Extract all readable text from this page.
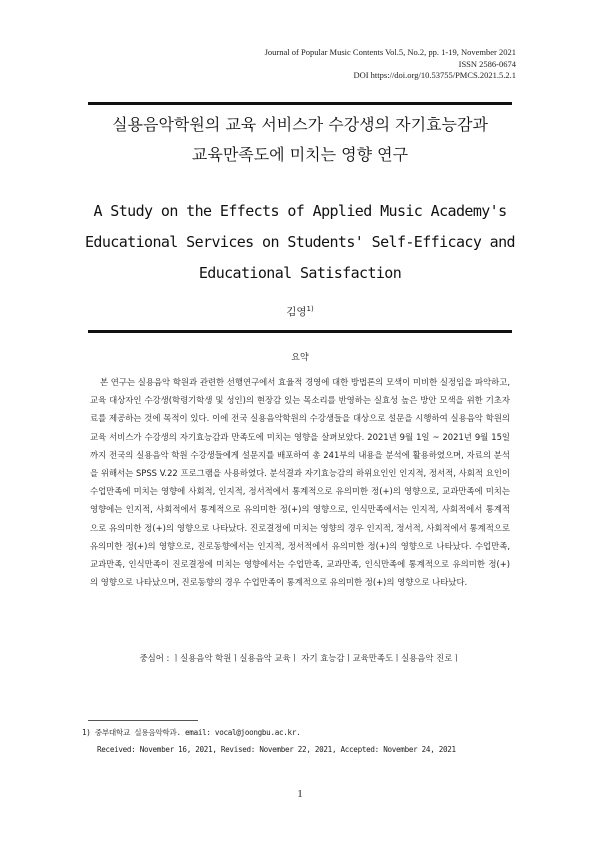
Journal of Popular Music Contents Vol.5, No.2, pp. 1-19, November 2021
ISSN 2586-0674
DOI https://doi.org/10.53755/PMCS.2021.5.2.1
실용음악학원의 교육 서비스가 수강생의 자기효능감과
교육만족도에 미치는 영향 연구
A Study on the Effects of Applied Music Academy's
Educational Services on Students' Self-Efficacy and
Educational Satisfaction
김영$^{1)}$
요약
본 연구는 실용음악 학원과 관련한 선행연구에서 효율적 경영에 대한 방법론의 모색이 미비한 실정임을 파악하고, 교육 대상자인 수강생(학령기학생 및 성인)의 현장감 있는 목소리를 반영하는 실효성 높은 방안 모색을 위한 기초자료를 제공하는 것에 목적이 있다. 이에 전국 실용음악학원의 수강생들을 대상으로 설문을 시행하여 실용음악 학원의 교육 서비스가 수강생의 자기효능감과 만족도에 미치는 영향을 살펴보았다. 2021년 9월 1일 ~ 2021년 9월 15일까지 전국의 실용음악 학원 수강생들에게 설문지를 배포하여 총 241부의 내용을 분석에 활용하였으며, 자료의 분석을 위해서는 SPSS V.22 프로그램을 사용하였다. 분석결과 자기효능감의 하위요인인 인지적, 정서적, 사회적 요인이 수업만족에 미치는 영향에 사회적, 인지적, 정서적에서 통계적으로 유의미한 정(+)의 영향으로, 교과만족에 미치는 영향에는 인지적, 사회적에서 통계적으로 유의미한 정(+)의 영향으로, 인식만족에서는 인지적, 사회적에서 통계적으로 유의미한 정(+)의 영향으로 나타났다. 진로결정에 미치는 영향의 경우 인지적, 정서적, 사회적에서 통계적으로 유의미한 정(+)의 영향으로, 진로동향에서는 인지적, 정서적에서 유의미한 정(+)의 영향으로 나타났다. 수업만족, 교과만족, 인식만족이 진로결정에 미치는 영향에서는 수업만족, 교과만족, 인식만족에 통계적으로 유의미한 정(+)의 영향으로 나타났으며, 진로동향의 경우 수업만족이 통계적으로 유의미한 정(+)의 영향으로 나타났다.
중심어 : ㅣ실용음악 학원ㅣ실용음악 교육ㅣ 자기 효능감ㅣ교육만족도ㅣ실용음악 진로ㅣ
1) 중부대학교 실용음악학과. email: vocal@joongbu.ac.kr.
Received: November 16, 2021, Revised: November 22, 2021, Accepted: November 24, 2021
1
